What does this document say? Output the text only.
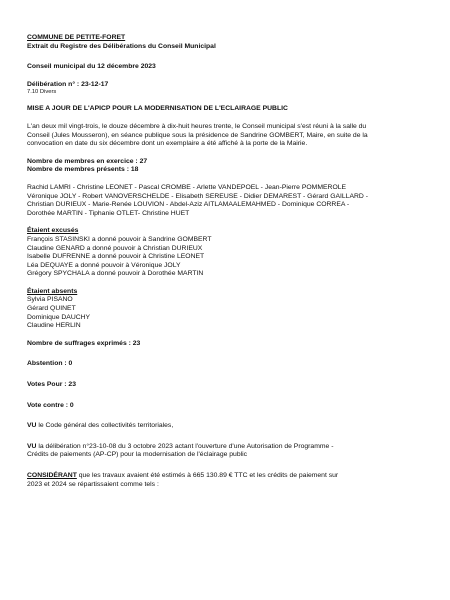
COMMUNE DE PETITE-FORET
Extrait du Registre des Délibérations du Conseil Municipal
Conseil municipal du 12 décembre 2023
Délibération n° : 23-12-17
7.10 Divers
MISE A JOUR DE L'APICP POUR LA MODERNISATION DE L'ECLAIRAGE PUBLIC
L'an deux mil vingt-trois, le douze décembre à dix-huit heures trente, le Conseil municipal s'est réuni à la salle du
Conseil (Jules Mousseron), en séance publique sous la présidence de Sandrine GOMBERT, Maire, en suite de la
convocation en date du six décembre dont un exemplaire a été affiché à la porte de la Mairie.
Nombre de membres en exercice : 27
Nombre de membres présents : 18
Rachid LAMRI - Christine LEONET - Pascal CROMBE - Arlette VANDEPOEL - Jean-Pierre POMMEROLE
Véronique JOLY - Robert VANOVERSCHELDE - Elisabeth SEREUSE - Didier DEMAREST - Gérard GAILLARD -
Christian DURIEUX - Marie-Renée LOUVION - Abdel-Aziz AITLAMAALEMAHMED - Dominique CORREA -
Dorothée MARTIN - Tiphanie OTLET- Christine HUET
Étaient excusés
François STASINSKI a donné pouvoir à Sandrine GOMBERT
Claudine GENARD a donné pouvoir à Christian DURIEUX
Isabelle DUFRENNE a donné pouvoir à Christine LEONET
Léa DEQUAYE a donné pouvoir à Véronique JOLY
Grégory SPYCHALA a donné pouvoir à Dorothée MARTIN
Étaient absents
Sylvia PISANO
Gérard QUINET
Dominique DAUCHY
Claudine HERLIN
Nombre de suffrages exprimés : 23
Abstention : 0
Votes Pour : 23
Vote contre : 0
VU le Code général des collectivités territoriales,
VU la délibération n°23-10-08 du 3 octobre 2023 actant l'ouverture d'une Autorisation de Programme -
Crédits de paiements (AP-CP) pour la modernisation de l'éclairage public
CONSIDÉRANT que les travaux avaient été estimés à 665 130.89 € TTC et les crédits de paiement sur
2023 et 2024 se répartissaient comme tels :
